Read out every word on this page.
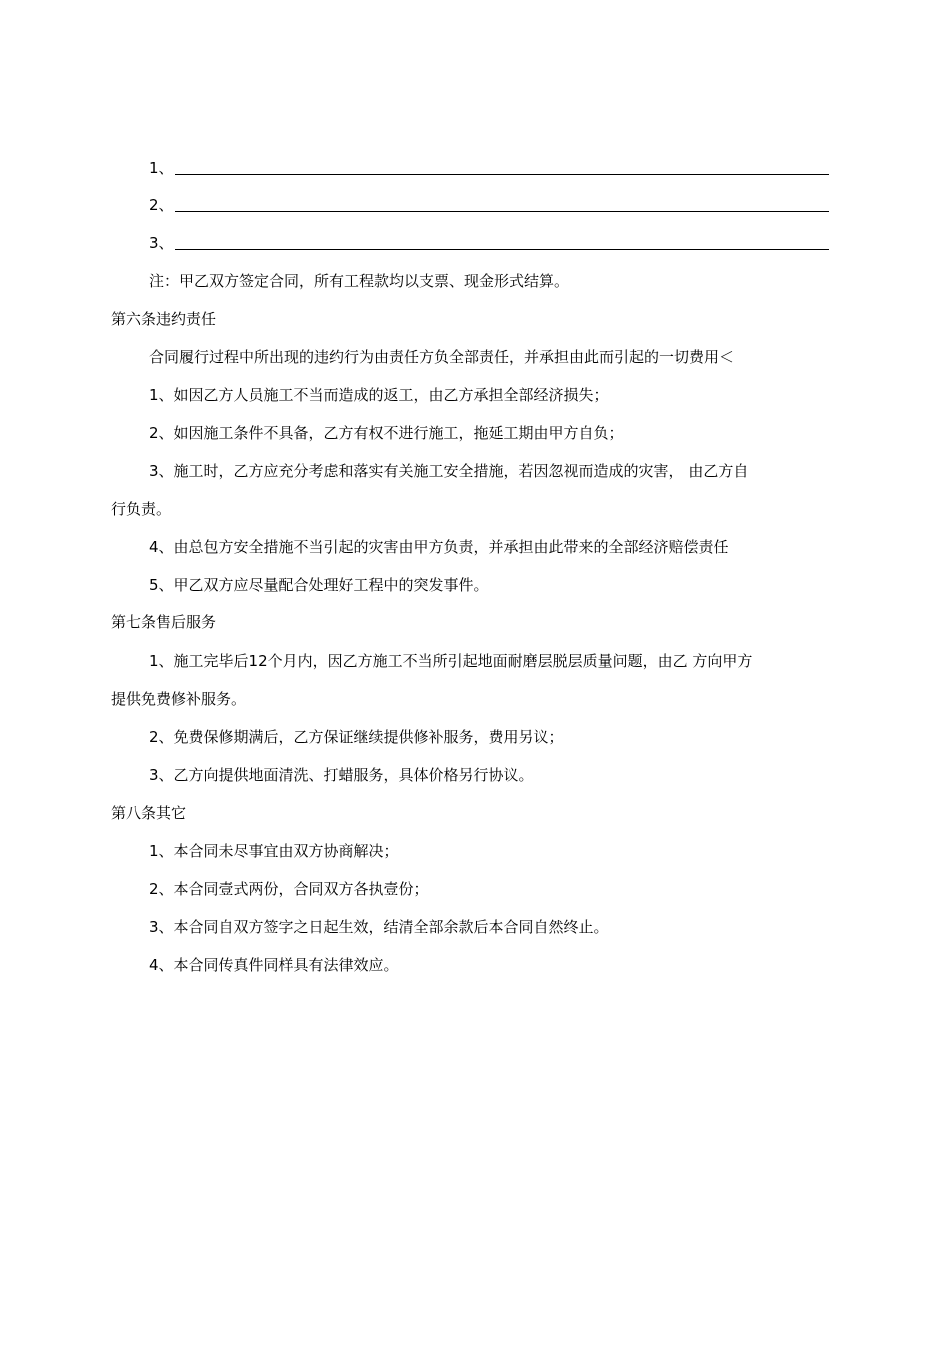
1、
2、
3、
注：甲乙双方签定合同，所有工程款均以支票、现金形式结算。
第六条违约责任
合同履行过程中所出现的违约行为由责任方负全部责任，并承担由此而引起的一切费用＜
1、如因乙方人员施工不当而造成的返工，由乙方承担全部经济损失；
2、如因施工条件不具备，乙方有权不进行施工，拖延工期由甲方自负；
3、施工时，乙方应充分考虑和落实有关施工安全措施，若因忽视而造成的灾害， 由乙方自
行负责。
4、由总包方安全措施不当引起的灾害由甲方负责，并承担由此带来的全部经济赔偿责任
5、甲乙双方应尽量配合处理好工程中的突发事件。
第七条售后服务
1、施工完毕后12个月内，因乙方施工不当所引起地面耐磨层脱层质量问题，由乙 方向甲方
提供免费修补服务。
2、免费保修期满后，乙方保证继续提供修补服务，费用另议；
3、乙方向提供地面清洗、打蜡服务，具体价格另行协议。
第八条其它
1、本合同未尽事宜由双方协商解决；
2、本合同壹式两份，合同双方各执壹份；
3、本合同自双方签字之日起生效，结清全部余款后本合同自然终止。
4、本合同传真件同样具有法律效应。
